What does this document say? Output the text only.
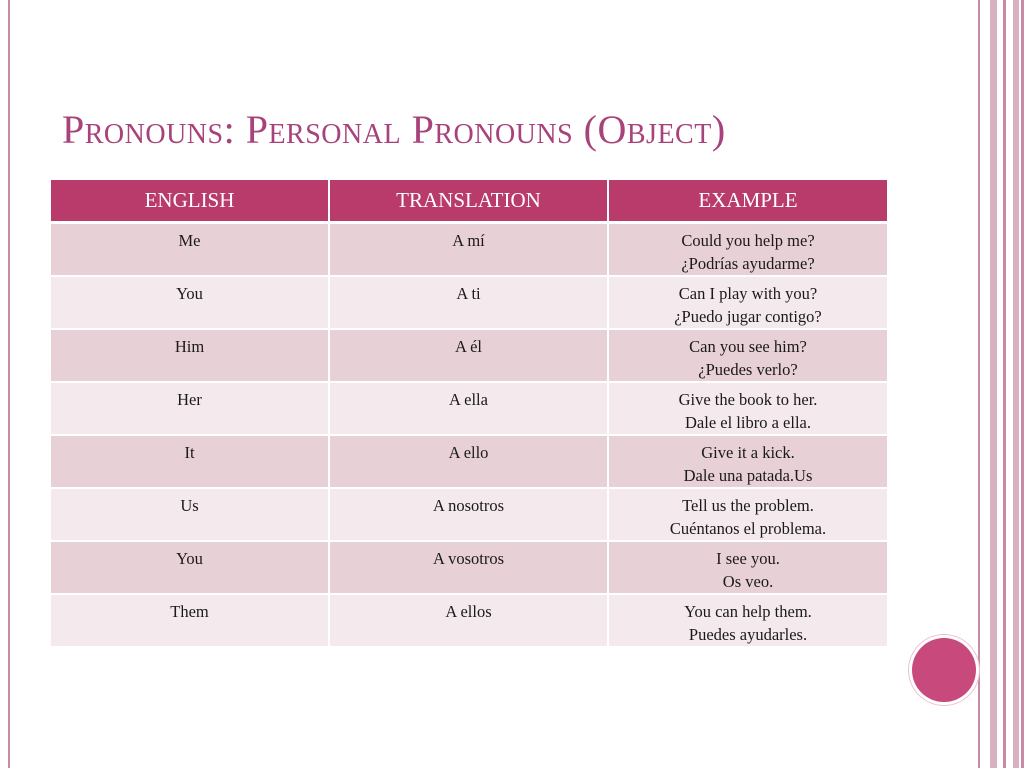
Pronouns: Personal Pronouns (Object)
ENGLISH	TRANSLATION	EXAMPLE
Me	A mí	Could you help me?
¿Podrías ayudarme?

You	A ti	Can I play with you?
¿Puedo jugar contigo?

Him	A él	Can you see him?
¿Puedes verlo?

Her	A ella	Give the book to her.
Dale el libro a ella.

It	A ello	Give it a kick.
Dale una patada.Us

Us	A nosotros	Tell us the problem.
Cuéntanos el problema.

You	A vosotros	I see you.
Os veo.

Them	A ellos	You can help them.
Puedes ayudarles.
